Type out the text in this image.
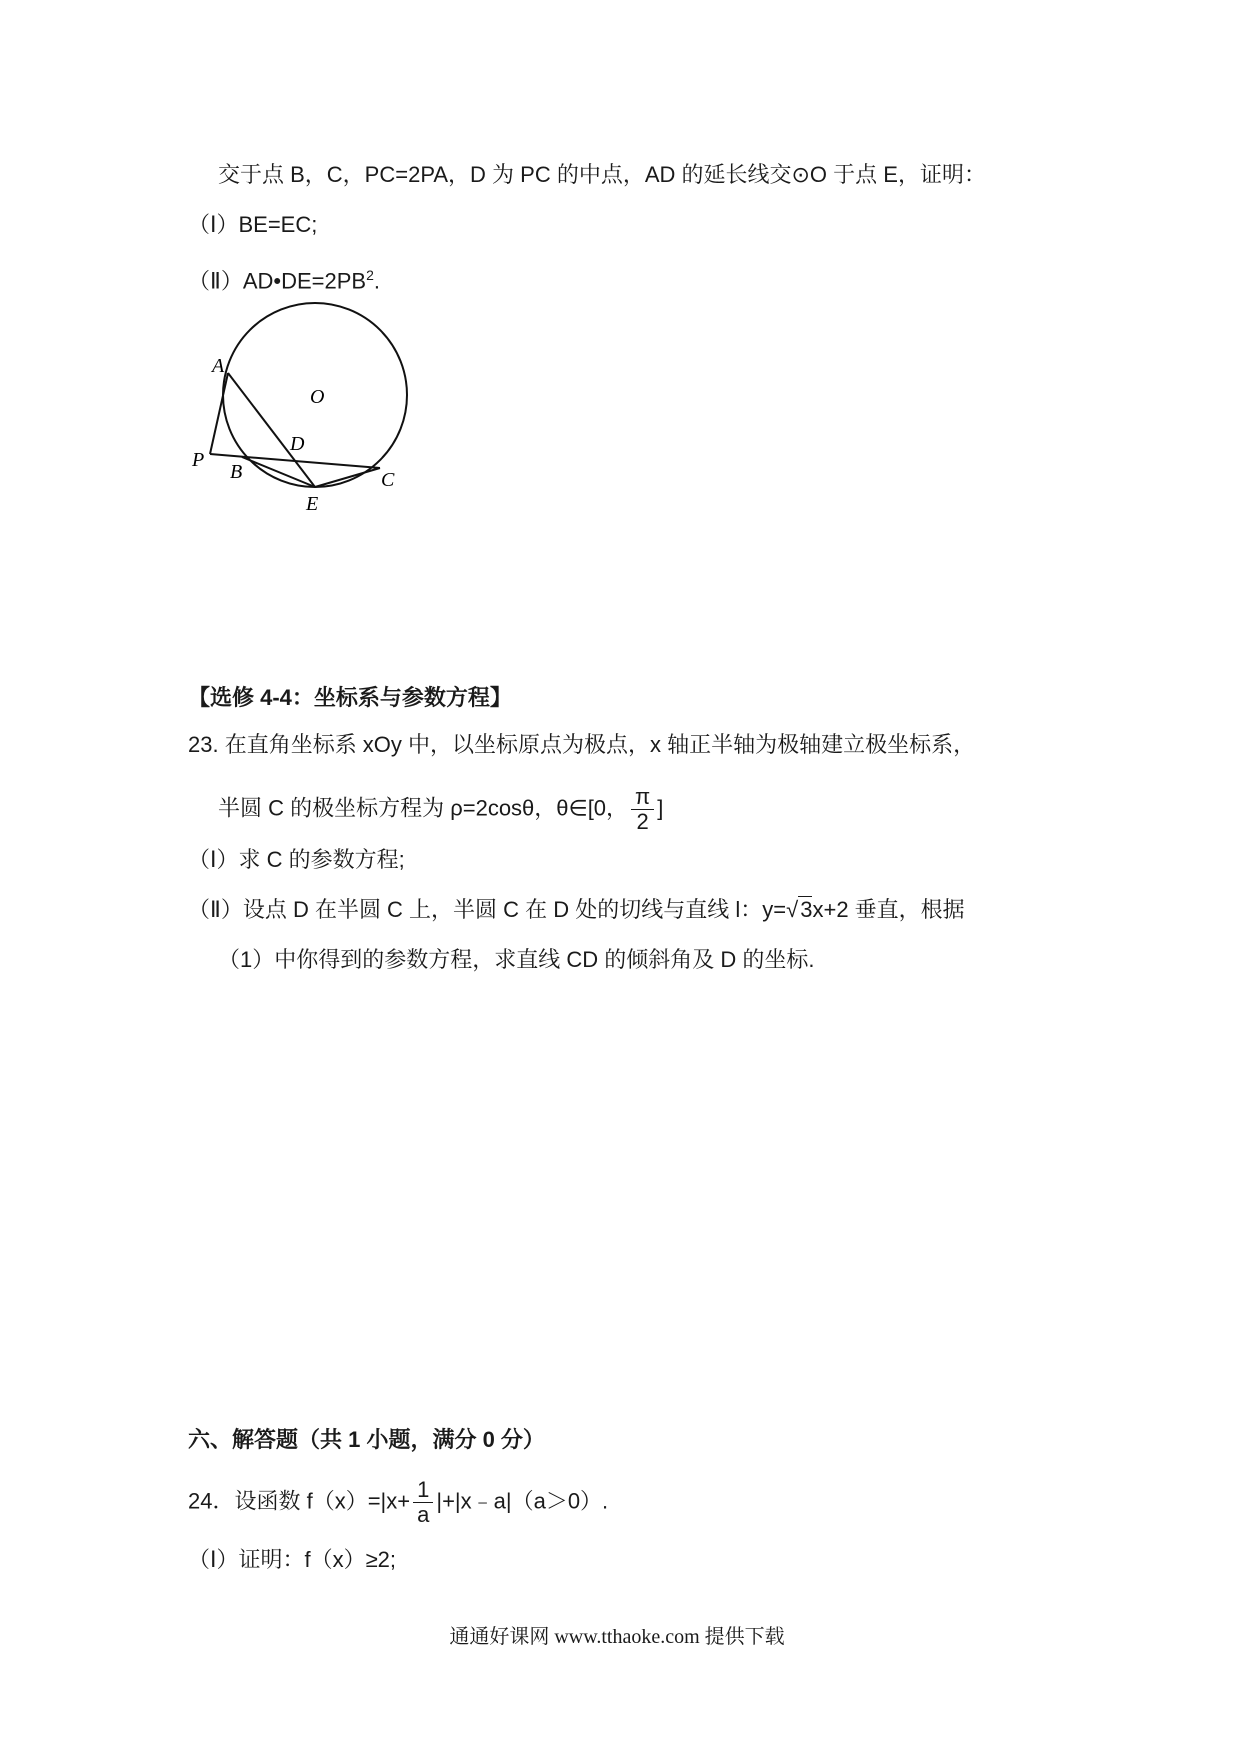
交于点 B，C，PC=2PA，D 为 PC 的中点，AD 的延长线交⊙O 于点 E，证明：
（Ⅰ）BE=EC;
$(Ⅱ)AD•DE=2PB^2$.
A
O
D
P
B	C
E
【选修 4-4：坐标系与参数方程】
23. 在直角坐标系 xOy 中，以坐标原点为极点，x 轴正半轴为极轴建立极坐标系，
半圆 C 的极坐标方程为 ρ=2cosθ，θ∈[0， $\frac{\pi}{2}$ ]
（Ⅰ）求 C 的参数方程;
（Ⅱ）设点 D 在半圆 C 上，半圆 C 在 D 处的切线与直线 l：y=√3x+2 垂直，根据
（1）中你得到的参数方程，求直线 CD 的倾斜角及 D 的坐标.
六、解答题（共 1 小题，满分 0 分）
24．设函数 $f(x)=|x+ \frac{1}{a}$ |+|x﹣a|（a＞0）.
（Ⅰ）证明：f（x）≥2;
通通好课网 www.tthaoke.com 提供下载
